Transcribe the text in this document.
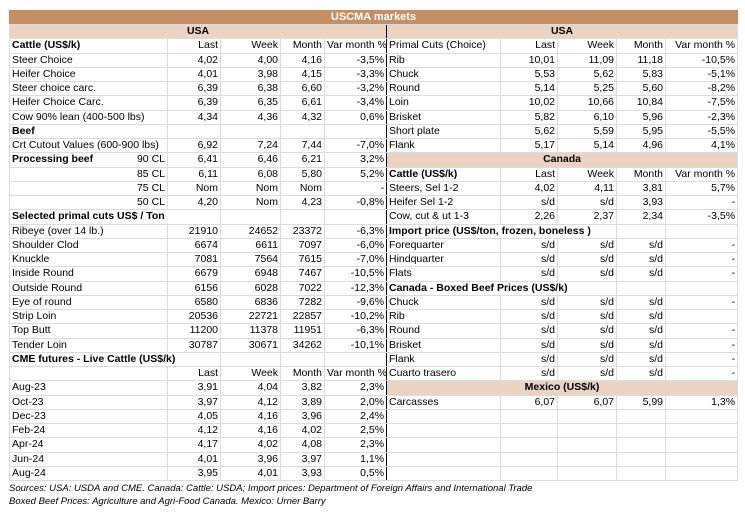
USCMA markets
USA				
Cattle (US$/k)	Last	Week	Month	Var month %
Steer Choice	4,02	4,00	4,16	-3,5%
Heifer Choice	4,01	3,98	4,15	-3,3%
Steer choice carc.	6,39	6,38	6,60	-3,2%
Heifer Choice Carc.	6,39	6,35	6,61	-3,4%
Cow 90% lean (400-500 lbs)	4,34	4,36	4,32	0,6%
Beef				
Crt Cutout Values (600-900 lbs)	6,92	7,24	7,44	-7,0%

Processing beef 90 CL	6,41	6,46	6,21	3,2%

85 CL	6,11	6,08	5,80	5,2%

75 CL	Nom	Nom	Nom	-

50 CL	4,20	Nom	4,23	-0,8%
Selected primal cuts US$ / Ton				
Ribeye (over 14 lb.)	21910	24652	23372	-6,3%
Shoulder Clod	6674	6611	7097	-6,0%
Knuckle	7081	7564	7615	-7,0%
Inside Round	6679	6948	7467	-10,5%
Outside Round	6156	6028	7022	-12,3%
Eye of round	6580	6836	7282	-9,6%
Strip Loin	20536	22721	22857	-10,2%
Top Butt	11200	11378	11951	-6,3%
Tender Loin	30787	30671	34262	-10,1%
CME futures - Live Cattle (US$/k)				
	Last	Week	Month	Var month %
Aug-23	3,91	4,04	3,82	2,3%
Oct-23	3,97	4,12	3,89	2,0%
Dec-23	4,05	4,16	3,96	2,4%
Feb-24	4,12	4,16	4,02	2,5%
Apr-24	4,17	4,02	4,08	2,3%
Jun-24	4,01	3,96	3,97	1,1%
Aug-24	3,95	4,01	3,93	0,5%
USA				
Primal Cuts (Choice)	Last	Week	Month	Var month %
Rib	10,01	11,09	11,18	-10,5%
Chuck	5,53	5,62	5,83	-5,1%
Round	5,14	5,25	5,60	-8,2%
Loin	10,02	10,66	10,84	-7,5%
Brisket	5,82	6,10	5,96	-2,3%
Short plate	5,62	5,59	5,95	-5,5%
Flank	5,17	5,14	4,96	4,1%
Canada				
Cattle (US$/k)	Last	Week	Month	Var month %
Steers, Sel 1-2	4,02	4,11	3,81	5,7%
Heifer Sel 1-2	s/d	s/d	3,93	-
Cow, cut & ut 1-3	2,26	2,37	2,34	-3,5%
Import price (US$/ton, frozen, boneless )				
Forequarter	s/d	s/d	s/d	-
Hindquarter	s/d	s/d	s/d	-
Flats	s/d	s/d	s/d	-
Canada - Boxed Beef Prices (US$/k)				
Chuck	s/d	s/d	s/d	-
Rib	s/d	s/d	s/d	
Round	s/d	s/d	s/d	-
Brisket	s/d	s/d	s/d	-
Flank	s/d	s/d	s/d	-
Cuarto trasero	s/d	s/d	s/d	-
Mexico (US$/k)				
Carcasses	6,07	6,07	5,99	1,3%

Sources: USA: USDA and CME. Canada: Cattle: USDA; Import prices: Department of Foreign Affairs and International Trade
Boxed Beef Prices: Agriculture and Agri-Food Canada. Mexico: Urner Barry
